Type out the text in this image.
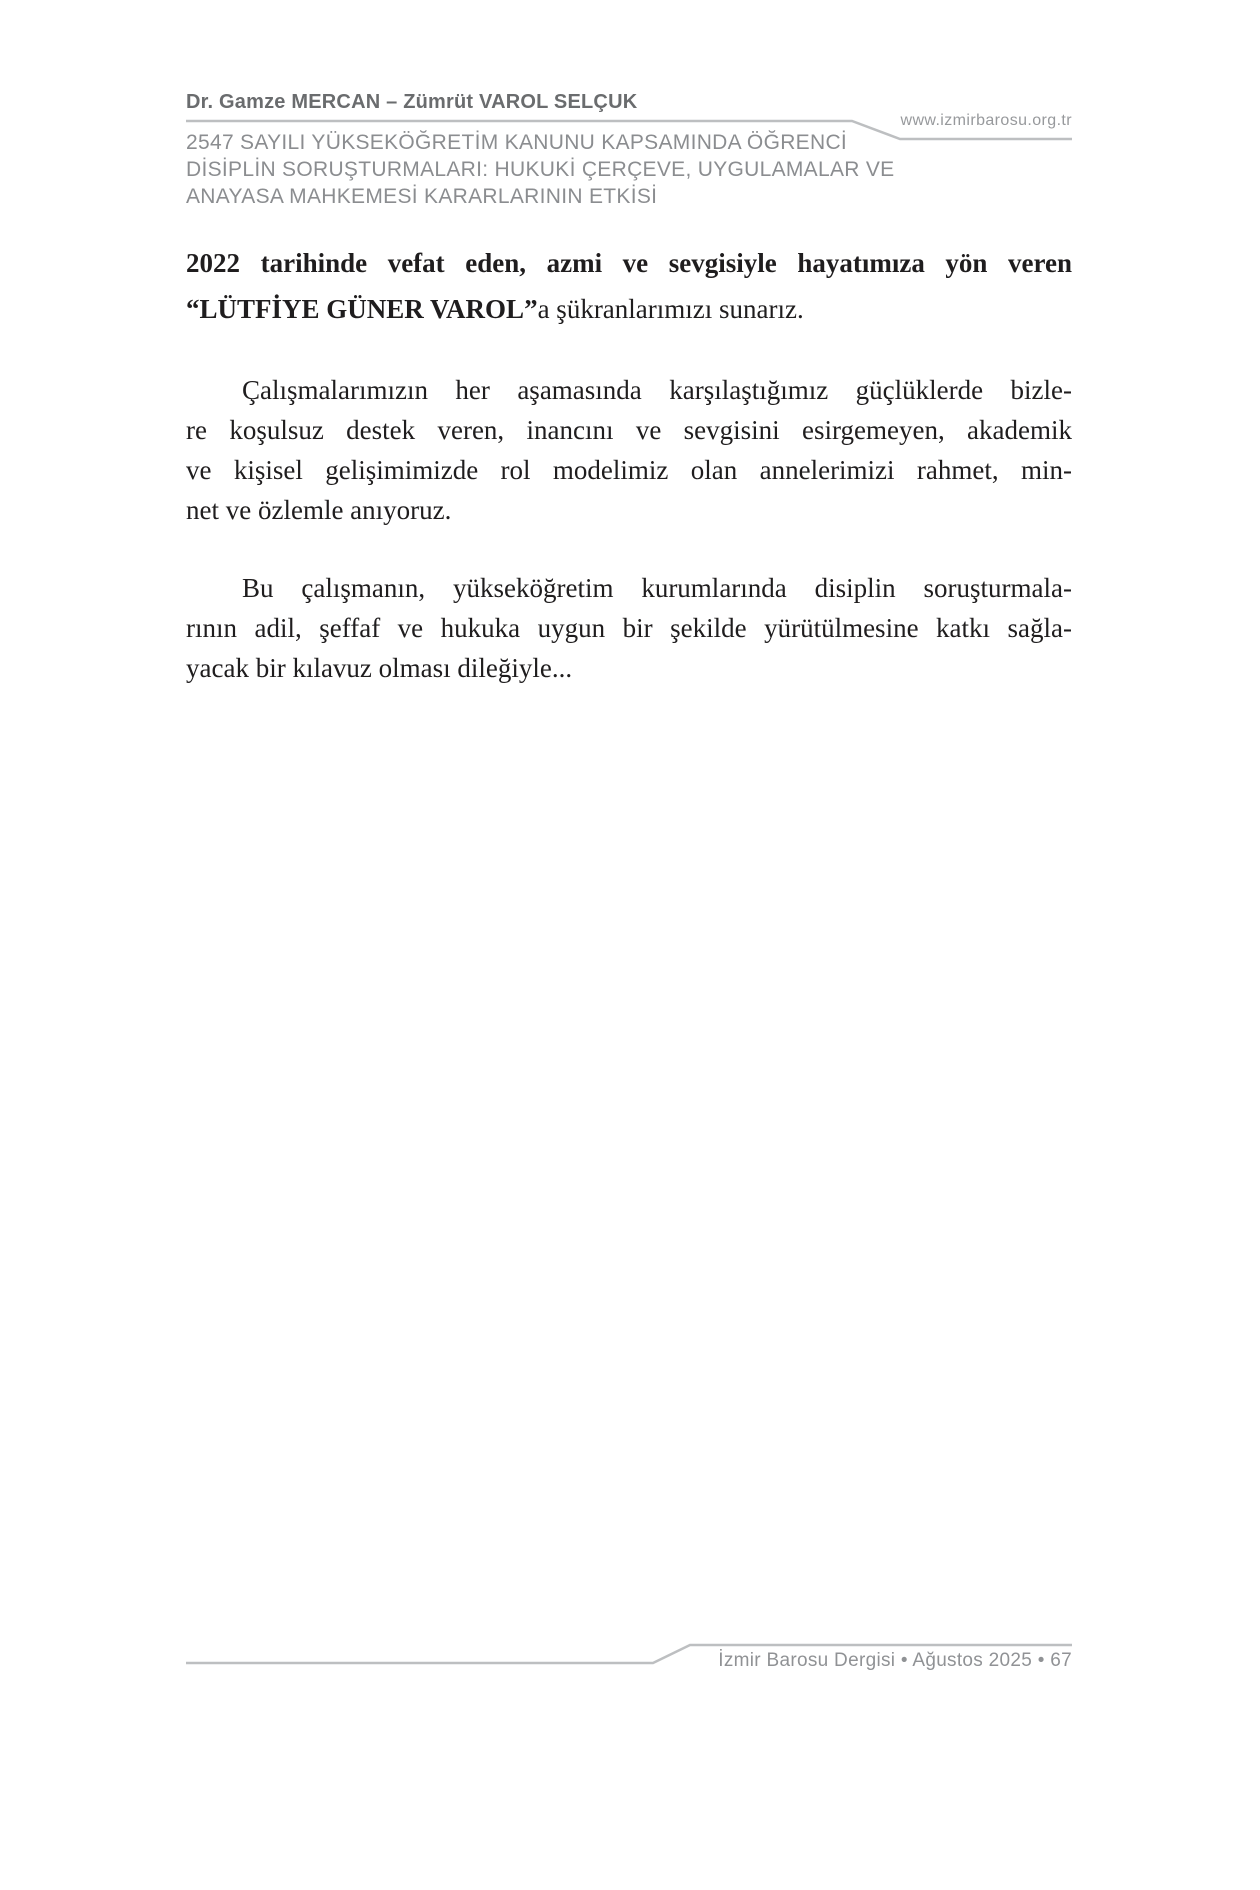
Dr. Gamze MERCAN – Zümrüt VAROL SELÇUK
www.izmirbarosu.org.tr
2547 SAYILI YÜKSEKÖĞRETİM KANUNU KAPSAMINDA ÖĞRENCİ
DİSİPLİN SORUŞTURMALARI: HUKUKİ ÇERÇEVE, UYGULAMALAR VE
ANAYASA MAHKEMESİ KARARLARININ ETKİSİ

2022 tarihinde vefat eden, azmi ve sevgisiyle hayatımıza yön veren
“LÜTFİYE GÜNER VAROL”a şükranlarımızı sunarız.

Çalışmalarımızın her aşamasında karşılaştığımız güçlüklerde bizle-
re koşulsuz destek veren, inancını ve sevgisini esirgemeyen, akademik
ve kişisel gelişimimizde rol modelimiz olan annelerimizi rahmet, min-
net ve özlemle anıyoruz.

Bu çalışmanın, yükseköğretim kurumlarında disiplin soruşturmala-
rının adil, şeffaf ve hukuka uygun bir şekilde yürütülmesine katkı sağla-
yacak bir kılavuz olması dileğiyle...

İzmir Barosu Dergisi • Ağustos 2025 • 67
